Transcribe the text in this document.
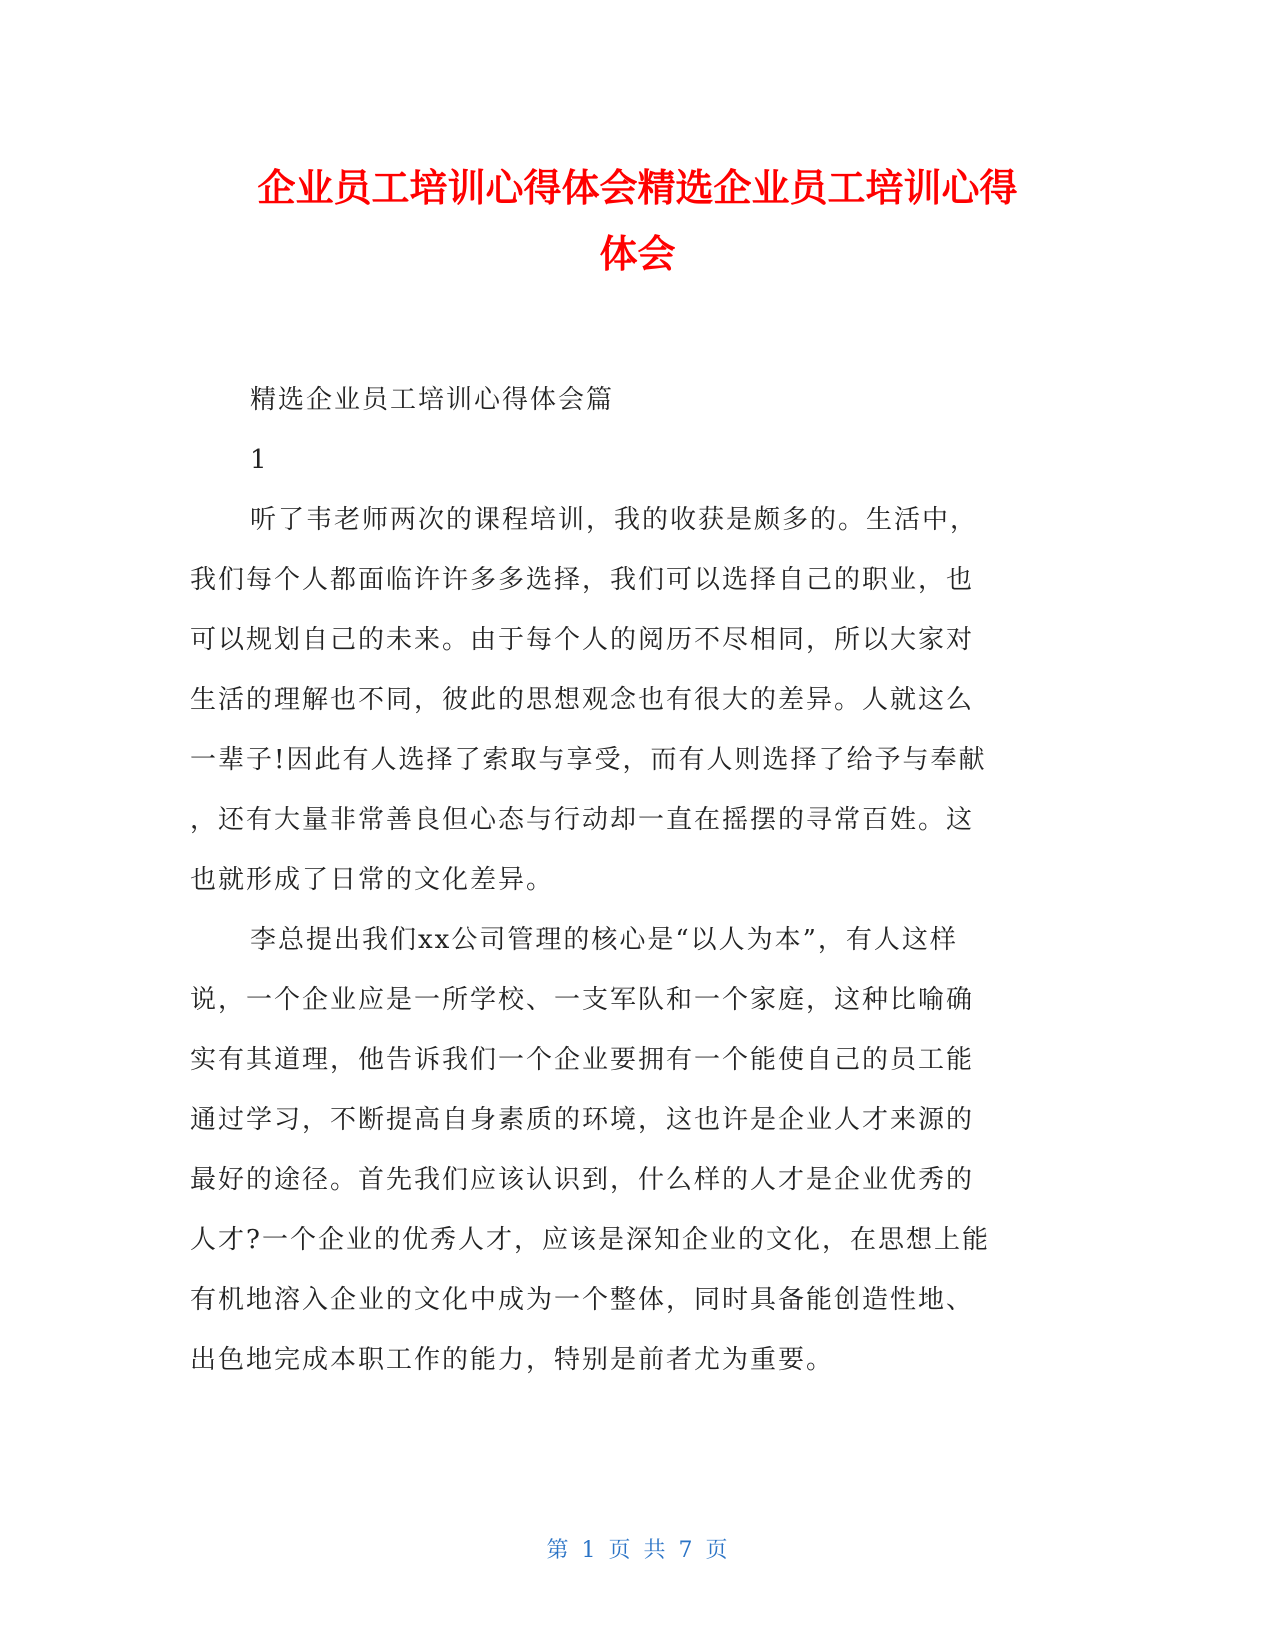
企业员工培训心得体会精选企业员工培训心得
体会
精选企业员工培训心得体会篇
1
听了韦老师两次的课程培训，我的收获是颇多的。生活中，
我们每个人都面临许许多多选择，我们可以选择自己的职业，也
可以规划自己的未来。由于每个人的阅历不尽相同，所以大家对
生活的理解也不同，彼此的思想观念也有很大的差异。人就这么
一辈子!因此有人选择了索取与享受，而有人则选择了给予与奉献
，还有大量非常善良但心态与行动却一直在摇摆的寻常百姓。这
也就形成了日常的文化差异。
李总提出我们xx公司管理的核心是“以人为本”，有人这样
说，一个企业应是一所学校、一支军队和一个家庭，这种比喻确
实有其道理，他告诉我们一个企业要拥有一个能使自己的员工能
通过学习，不断提高自身素质的环境，这也许是企业人才来源的
最好的途径。首先我们应该认识到，什么样的人才是企业优秀的
人才?一个企业的优秀人才，应该是深知企业的文化，在思想上能
有机地溶入企业的文化中成为一个整体，同时具备能创造性地、
出色地完成本职工作的能力，特别是前者尤为重要。
第 1 页 共 7 页
